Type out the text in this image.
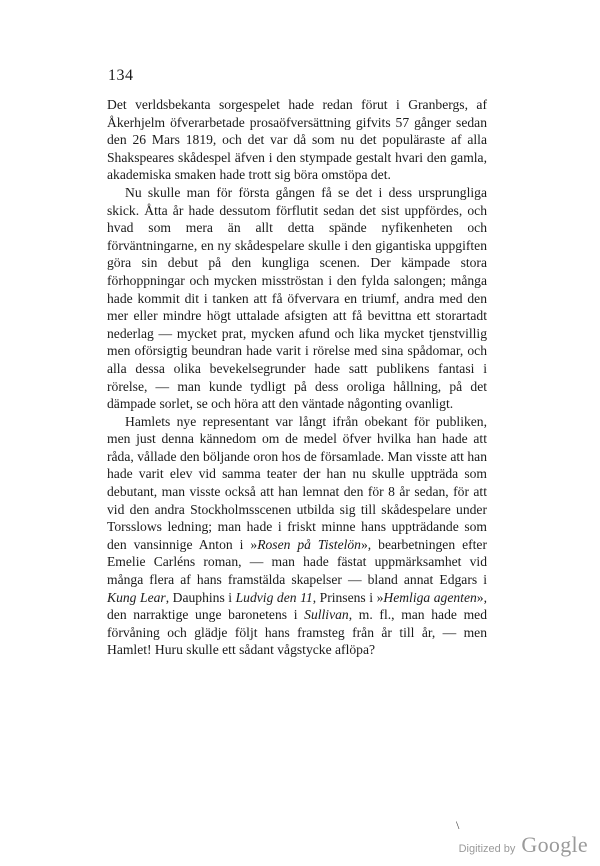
134

Det verldsbekanta sorgespelet hade redan förut i Granbergs, af Åkerhjelm öfverarbetade prosaöfversättning gifvits 57 gånger sedan den 26 Mars 1819, och det var då som nu det populäraste af alla Shakspeares skådespel äfven i den stympade gestalt hvari den gamla, akademiska smaken hade trott sig böra omstöpa det.

Nu skulle man för första gången få se det i dess ursprungliga skick. Åtta år hade dessutom förflutit sedan det sist uppfördes, och hvad som mera än allt detta spände nyfikenheten och förväntningarne, en ny skådespelare skulle i den gigantiska uppgiften göra sin debut på den kungliga scenen. Der kämpade stora förhoppningar och mycken misströstan i den fylda salongen; många hade kommit dit i tanken att få öfvervara en triumf, andra med den mer eller mindre högt uttalade afsigten att få bevittna ett storartadt nederlag — mycket prat, mycken afund och lika mycket tjenstvillig men oförsigtig beundran hade varit i rörelse med sina spådomar, och alla dessa olika bevekelsegrunder hade satt publikens fantasi i rörelse, — man kunde tydligt på dess oroliga hållning, på det dämpade sorlet, se och höra att den väntade någonting ovanligt.

Hamlets nye representant var långt ifrån obekant för publiken, men just denna kännedom om de medel öfver hvilka han hade att råda, vållade den böljande oron hos de församlade. Man visste att han hade varit elev vid samma teater der han nu skulle uppträda som debutant, man visste också att han lemnat den för 8 år sedan, för att vid den andra Stockholmsscenen utbilda sig till skådespelare under Torsslows ledning; man hade i friskt minne hans uppträdande som den vansinnige Anton i »Rosen på Tistelön», bearbetningen efter Emelie Carléns roman, — man hade fästat uppmärksamhet vid många flera af hans framstälda skapelser — bland annat Edgars i Kung Lear, Dauphins i Ludvig den 11, Prinsens i »Hemliga agenten», den narraktige unge baronetens i Sullivan, m. fl., man hade med förvåning och glädje följt hans framsteg från år till år, — men Hamlet! Huru skulle ett sådant vågstycke aflöpa?

\
Digitized by Google
